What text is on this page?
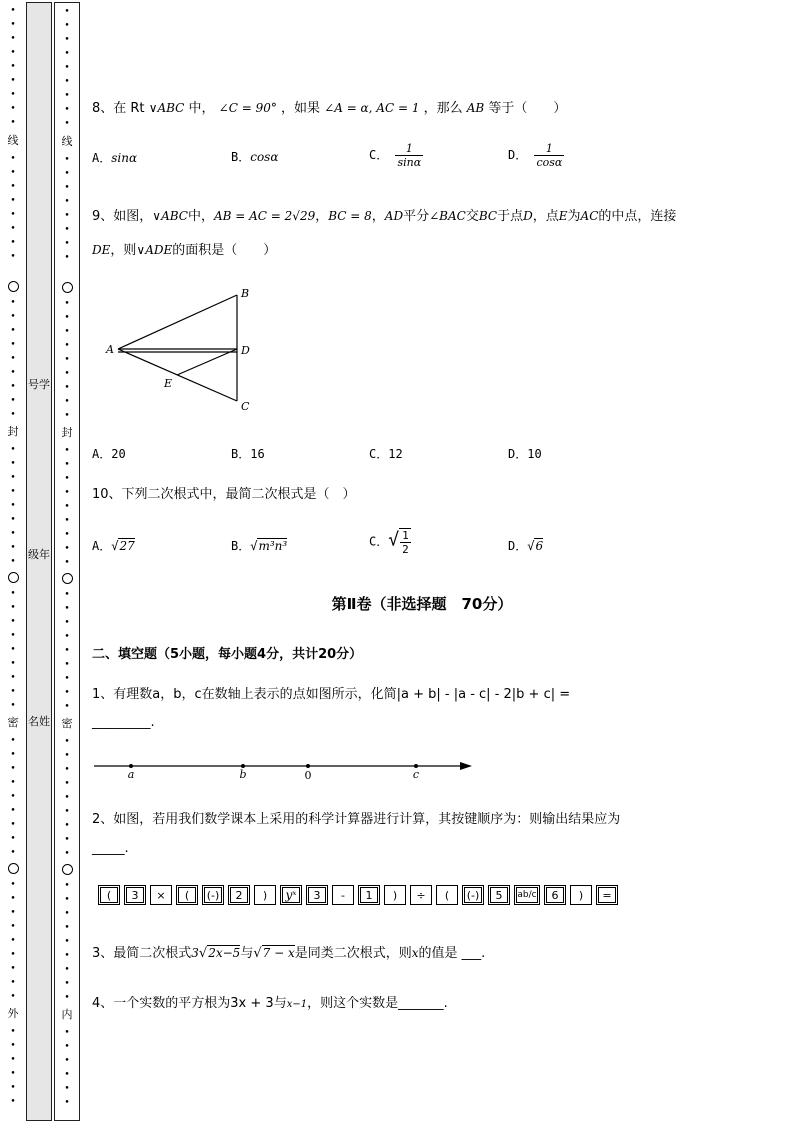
•
•
•
•
•
•
•
•
•
线
•
•
•
•
•
•
•
•
•
•
•
•
•
•
•
•
•
封
•
•
•
•
•
•
•
•
•
•
•
•
•
•
•
•
•
•
密
•
•
•
•
•
•
•
•
•
•
•
•
•
•
•
•
•
•
外
•
•
•
•
•
•
号学
级年
名姓
•
•
•
•
•
•
•
•
•
线
•
•
•
•
•
•
•
•
•
•
•
•
•
•
•
•
•
封
•
•
•
•
•
•
•
•
•
•
•
•
•
•
•
•
•
•
密
•
•
•
•
•
•
•
•
•
•
•
•
•
•
•
•
•
•
内
•
•
•
•
•
•
8、在 Rt ∨ABC 中， ∠C = 90° ，如果 ∠A = α, AC = 1 ，那么 AB 等于（　　）
A．sinα	B．cosα	C． $\frac{1}{\sin\alpha}$	D． $\frac{1}{\cos\alpha}$
9、如图，∨ABC中，AB = AC = 2√29，BC = 8，AD平分∠BAC交BC于点D，点E为AC的中点，连接
DE，则∨ADE的面积是（　　）
A
B
D
E
C
A．20	B．16	C．12	D．10
10、下列二次根式中，最简二次根式是（　）
A．√27	B．√m³n³	C．√ $\frac{1}{2}$	D．√6
第Ⅱ卷（非选择题　70分）
二、填空题（5小题，每小题4分，共计20分）
1、有理数a，b，c在数轴上表示的点如图所示，化简|a + b| - |a - c| - 2|b + c| =
_________.
a	b	0	c
2、如图，若用我们数学课本上采用的科学计算器进行计算，其按键顺序为：则输出结果应为
_____.
(	3	×	(	(-)	2	)	yˣ	3	-	1	)	÷	(	(-)	5	ab/c	6	)	=
3、最简二次根式3√2x−5与√7 − x是同类二次根式，则x的值是 ___.
4、一个实数的平方根为3x + 3与x−1，则这个实数是_______.
